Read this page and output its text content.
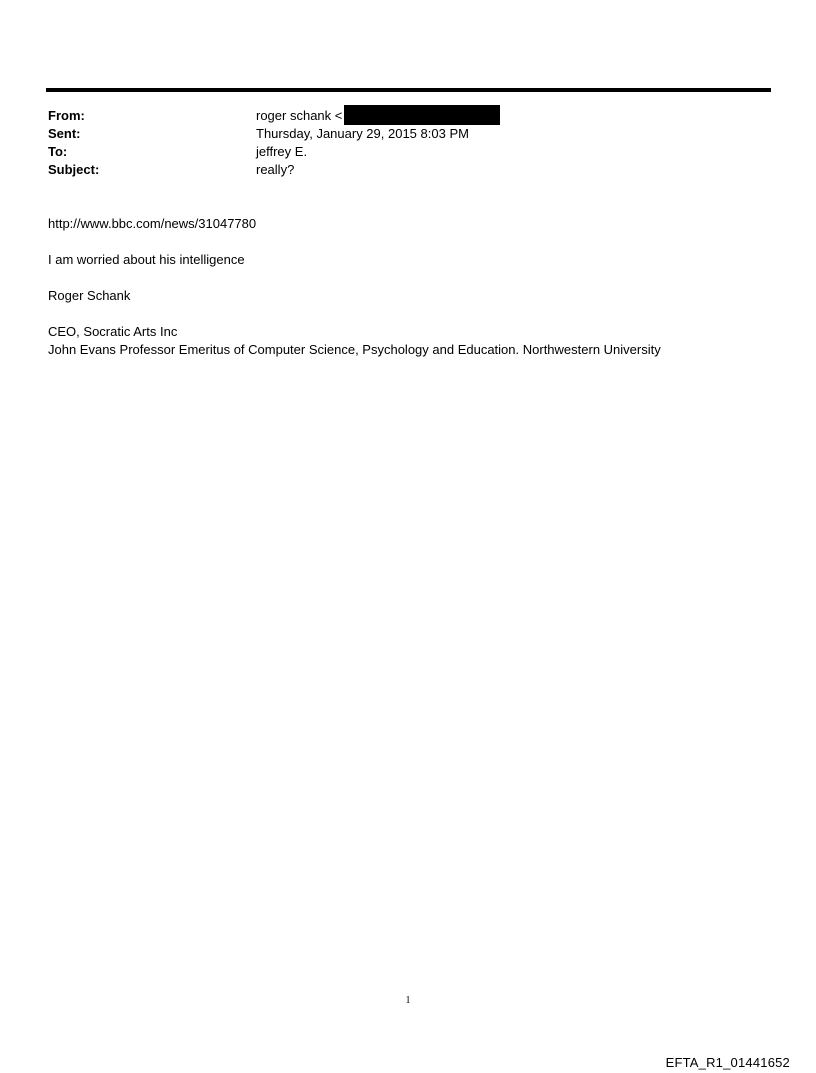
From:	roger schank <
Sent:	Thursday, January 29, 2015 8:03 PM
To:	jeffrey E.
Subject:	really?
http://www.bbc.com/news/31047780
I am worried about his intelligence
Roger Schank
CEO, Socratic Arts Inc
John Evans Professor Emeritus of Computer Science, Psychology and Education. Northwestern University
1
EFTA_R1_01441652
